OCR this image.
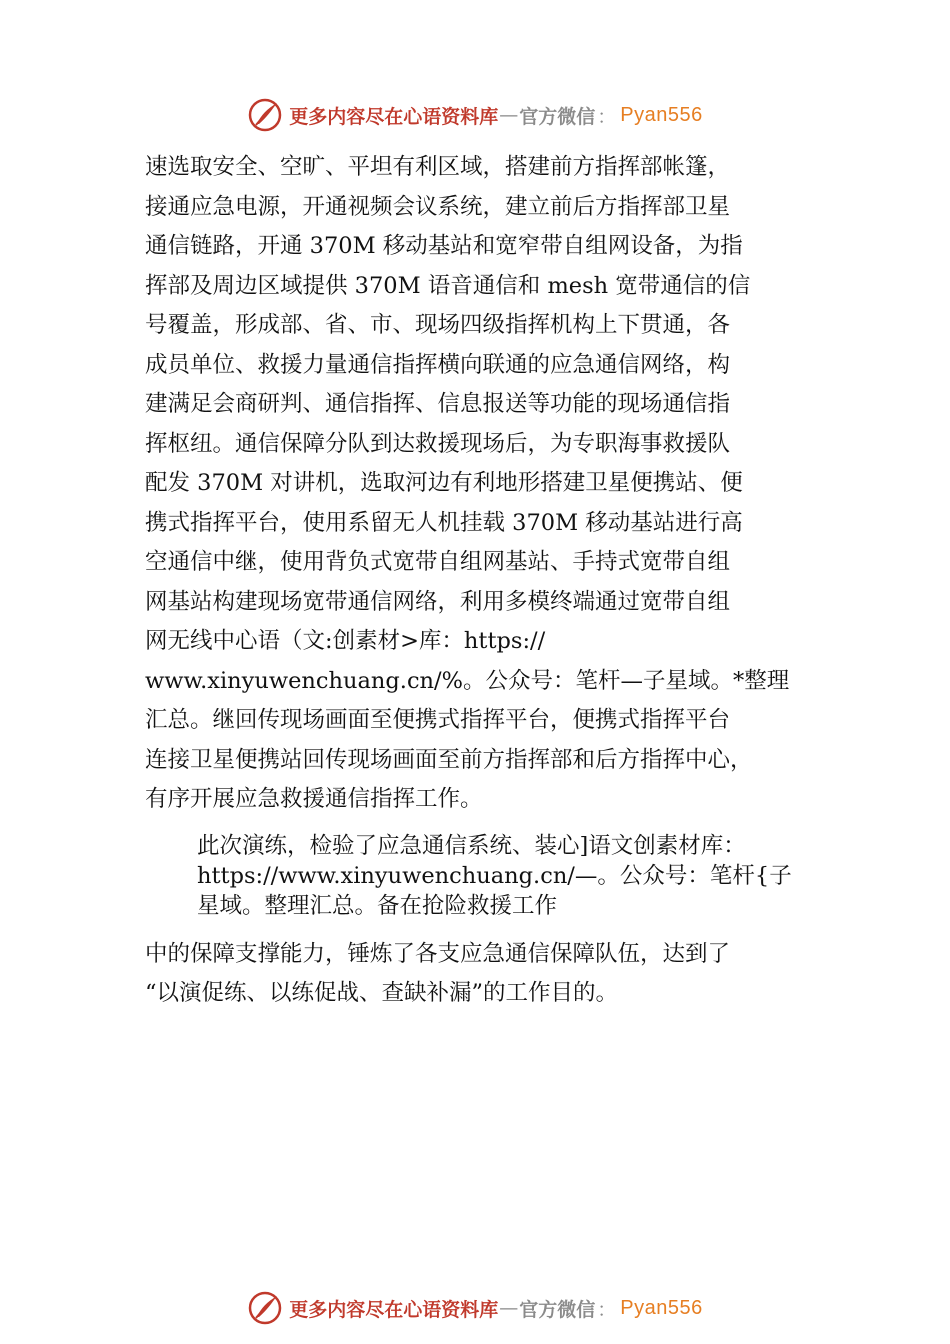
更多内容尽在心语资料库 — 官方微信 ： Pyan556
速选取安全、空旷、平坦有利区域，搭建前方指挥部帐篷，
接通应急电源，开通视频会议系统，建立前后方指挥部卫星
通信链路，开通 370M 移动基站和宽窄带自组网设备，为指
挥部及周边区域提供 370M 语音通信和 mesh 宽带通信的信
号覆盖，形成部、省、市、现场四级指挥机构上下贯通，各
成员单位、救援力量通信指挥横向联通的应急通信网络，构
建满足会商研判、通信指挥、信息报送等功能的现场通信指
挥枢纽。通信保障分队到达救援现场后，为专职海事救援队
配发 370M 对讲机，选取河边有利地形搭建卫星便携站、便
携式指挥平台，使用系留无人机挂载 370M 移动基站进行高
空通信中继，使用背负式宽带自组网基站、手持式宽带自组
网基站构建现场宽带通信网络，利用多模终端通过宽带自组
网无线中心语（文:创素材>库：https://
www.xinyuwenchuang.cn/%。公众号：笔杆—子星域。*整理
汇总。继回传现场画面至便携式指挥平台，便携式指挥平台
连接卫星便携站回传现场画面至前方指挥部和后方指挥中心，
有序开展应急救援通信指挥工作。
此次演练，检验了应急通信系统、装心]语文创素材库：
https://www.xinyuwenchuang.cn/—。公众号：笔杆{子
星域。整理汇总。备在抢险救援工作
中的保障支撑能力，锤炼了各支应急通信保障队伍，达到了
“以演促练、以练促战、查缺补漏”的工作目的。
更多内容尽在心语资料库 — 官方微信 ： Pyan556
